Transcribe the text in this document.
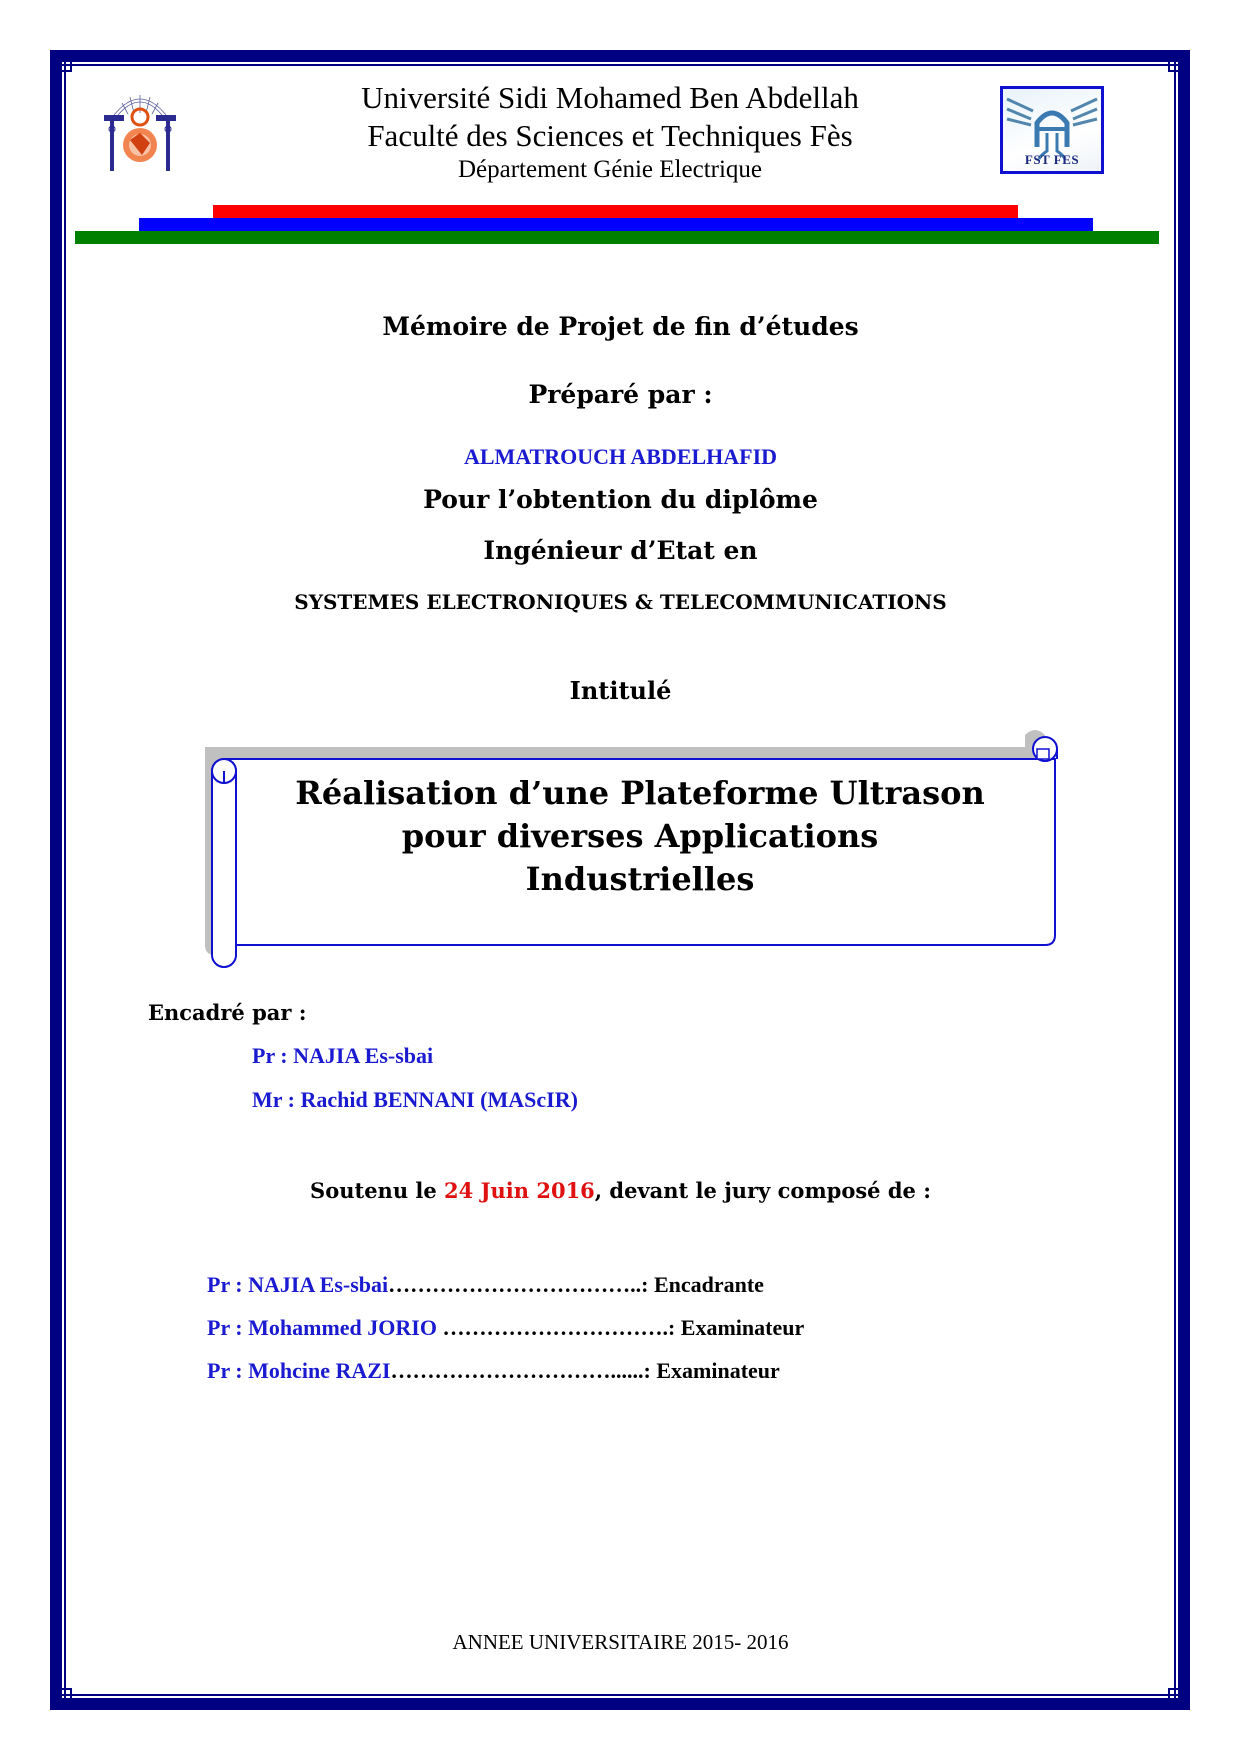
Université Sidi Mohamed Ben Abdellah
Faculté des Sciences et Techniques Fès
Département Génie Electrique	FST FES
Mémoire de Projet de fin d’études
Préparé par :
ALMATROUCH ABDELHAFID
Pour l’obtention du diplôme
Ingénieur d’Etat en
SYSTEMES ELECTRONIQUES & TELECOMMUNICATIONS
Intitulé
Réalisation d’une Plateforme Ultrason
pour diverses Applications
Industrielles
Encadré par :
Pr : NAJIA Es-sbai
Mr : Rachid BENNANI (MAScIR)
Soutenu le 24 Juin 2016, devant le jury composé de :
Pr : NAJIA Es-sbai……………………………..: Encadrante
Pr : Mohammed JORIO ………………………….: Examinateur
Pr : Mohcine RAZI…………………………......: Examinateur
ANNEE UNIVERSITAIRE 2015- 2016
